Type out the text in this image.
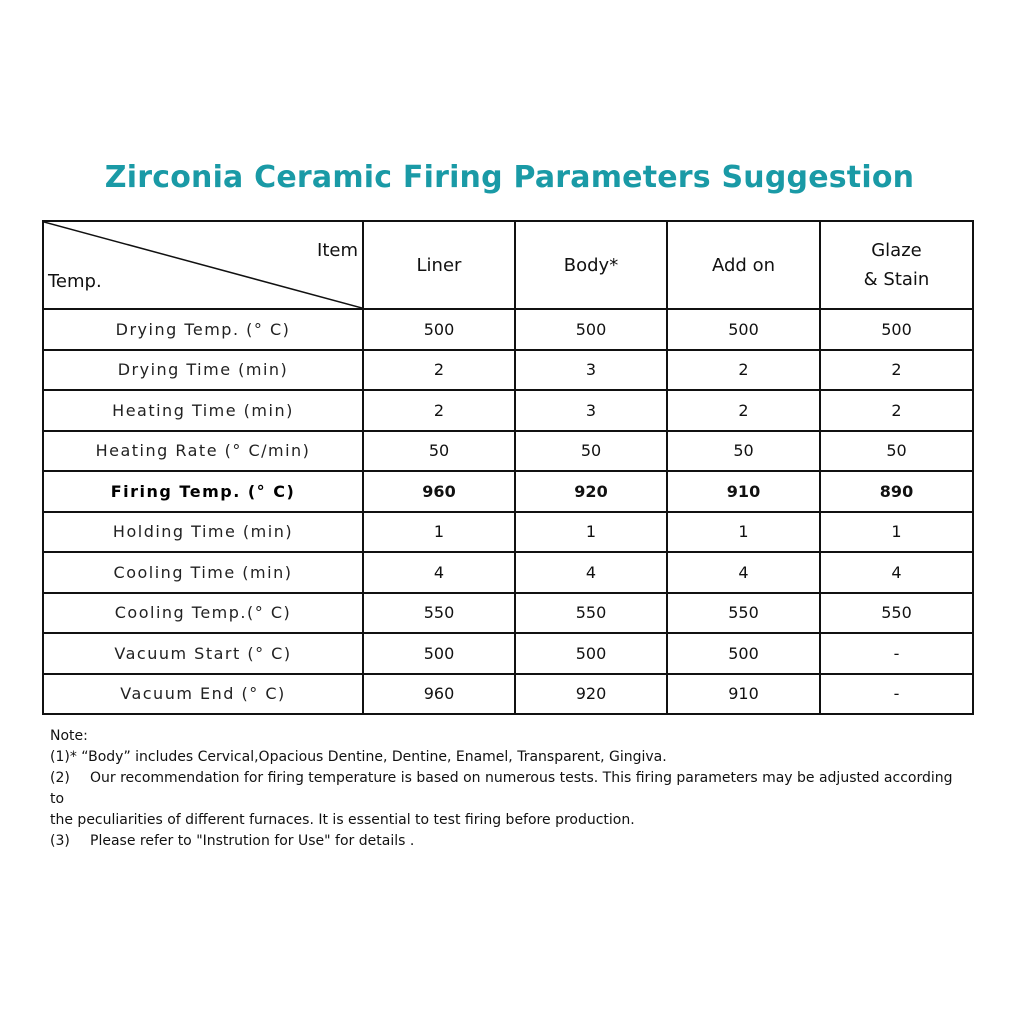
Zirconia Ceramic Firing Parameters Suggestion
Item
Temp.	Liner	Body*	Add on	Glaze
& Stain

Drying Temp. (° C)	500	500	500	500
Drying Time (min)	2	3	2	2
Heating Time (min)	2	3	2	2
Heating Rate (° C/min)	50	50	50	50
Firing Temp. (° C)	960	920	910	890
Holding Time (min)	1	1	1	1
Cooling Time (min)	4	4	4	4
Cooling Temp.(° C)	550	550	550	550
Vacuum Start (° C)	500	500	500	-
Vacuum End (° C)	960	920	910	-

Note:

(1)* “Body” includes Cervical,Opacious Dentine, Dentine, Enamel, Transparent, Gingiva.

(2) Our recommendation for firing temperature is based on numerous tests. This firing parameters may be adjusted according to

the peculiarities of different furnaces. It is essential to test firing before production.

(3) Please refer to "Instrution for Use" for details .
